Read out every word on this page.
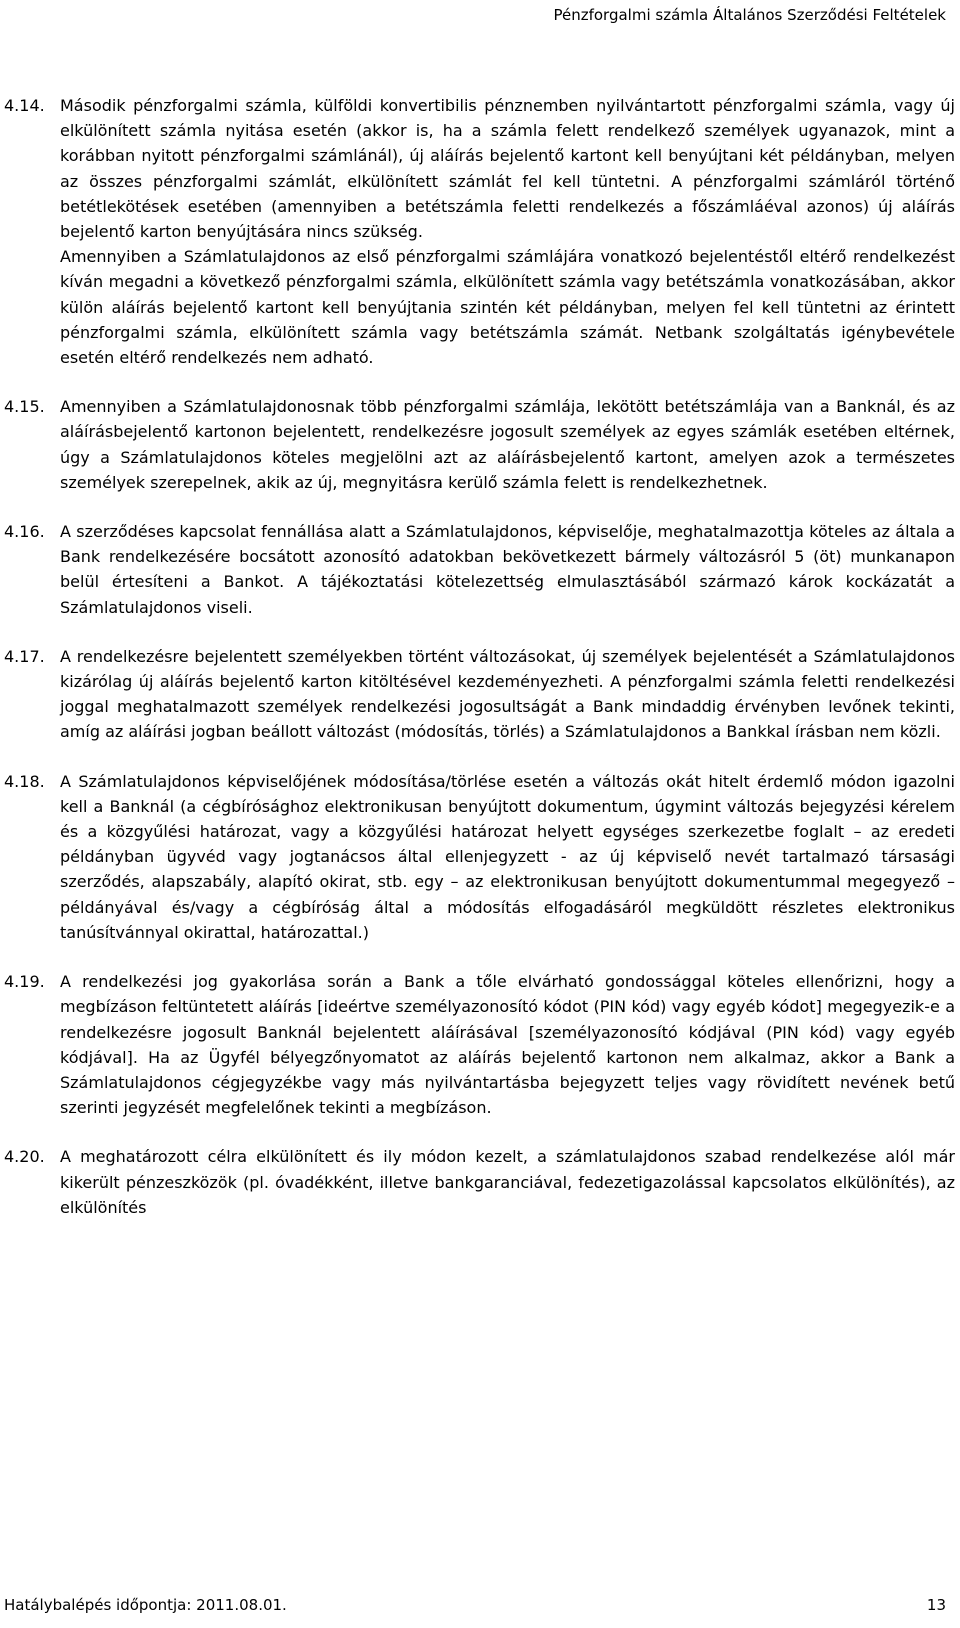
Pénzforgalmi számla Általános Szerződési Feltételek
4.14. Második pénzforgalmi számla, külföldi konvertibilis pénznemben nyilvántartott pénzforgalmi számla, vagy új elkülönített számla nyitása esetén (akkor is, ha a számla felett rendelkező személyek ugyanazok, mint a korábban nyitott pénzforgalmi számlánál), új aláírás bejelentő kartont kell benyújtani két példányban, melyen az összes pénzforgalmi számlát, elkülönített számlát fel kell tüntetni. A pénzforgalmi számláról történő betétlekötések esetében (amennyiben a betétszámla feletti rendelkezés a főszámláéval azonos) új aláírás bejelentő karton benyújtására nincs szükség.

Amennyiben a Számlatulajdonos az első pénzforgalmi számlájára vonatkozó bejelentéstől eltérő rendelkezést kíván megadni a következő pénzforgalmi számla, elkülönített számla vagy betétszámla vonatkozásában, akkor külön aláírás bejelentő kartont kell benyújtania szintén két példányban, melyen fel kell tüntetni az érintett pénzforgalmi számla, elkülönített számla vagy betétszámla számát. Netbank szolgáltatás igénybevétele esetén eltérő rendelkezés nem adható.

4.15. Amennyiben a Számlatulajdonosnak több pénzforgalmi számlája, lekötött betétszámlája van a Banknál, és az aláírásbejelentő kartonon bejelentett, rendelkezésre jogosult személyek az egyes számlák esetében eltérnek, úgy a Számlatulajdonos köteles megjelölni azt az aláírásbejelentő kartont, amelyen azok a természetes személyek szerepelnek, akik az új, megnyitásra kerülő számla felett is rendelkezhetnek.

4.16. A szerződéses kapcsolat fennállása alatt a Számlatulajdonos, képviselője, meghatalmazottja köteles az általa a Bank rendelkezésére bocsátott azonosító adatokban bekövetkezett bármely változásról 5 (öt) munkanapon belül értesíteni a Bankot. A tájékoztatási kötelezettség elmulasztásából származó károk kockázatát a Számlatulajdonos viseli.

4.17. A rendelkezésre bejelentett személyekben történt változásokat, új személyek bejelentését a Számlatulajdonos kizárólag új aláírás bejelentő karton kitöltésével kezdeményezheti. A pénzforgalmi számla feletti rendelkezési joggal meghatalmazott személyek rendelkezési jogosultságát a Bank mindaddig érvényben levőnek tekinti, amíg az aláírási jogban beállott változást (módosítás, törlés) a Számlatulajdonos a Bankkal írásban nem közli.

4.18. A Számlatulajdonos képviselőjének módosítása/törlése esetén a változás okát hitelt érdemlő módon igazolni kell a Banknál (a cégbírósághoz elektronikusan benyújtott dokumentum, úgymint változás bejegyzési kérelem és a közgyűlési határozat, vagy a közgyűlési határozat helyett egységes szerkezetbe foglalt – az eredeti példányban ügyvéd vagy jogtanácsos által ellenjegyzett - az új képviselő nevét tartalmazó társasági szerződés, alapszabály, alapító okirat, stb. egy – az elektronikusan benyújtott dokumentummal megegyező – példányával és/vagy a cégbíróság által a módosítás elfogadásáról megküldött részletes elektronikus tanúsítvánnyal okirattal, határozattal.)

4.19. A rendelkezési jog gyakorlása során a Bank a tőle elvárható gondossággal köteles ellenőrizni, hogy a megbízáson feltüntetett aláírás [ideértve személyazonosító kódot (PIN kód) vagy egyéb kódot] megegyezik-e a rendelkezésre jogosult Banknál bejelentett aláírásával [személyazonosító kódjával (PIN kód) vagy egyéb kódjával]. Ha az Ügyfél bélyegzőnyomatot az aláírás bejelentő kartonon nem alkalmaz, akkor a Bank a Számlatulajdonos cégjegyzékbe vagy más nyilvántartásba bejegyzett teljes vagy rövidített nevének betű szerinti jegyzését megfelelőnek tekinti a megbízáson.

4.20. A meghatározott célra elkülönített és ily módon kezelt, a számlatulajdonos szabad rendelkezése alól már kikerült pénzeszközök (pl. óvadékként, illetve bankgaranciával, fedezetigazolással kapcsolatos elkülönítés), az elkülönítés

Hatálybalépés időpontja: 2011.08.01.	13
